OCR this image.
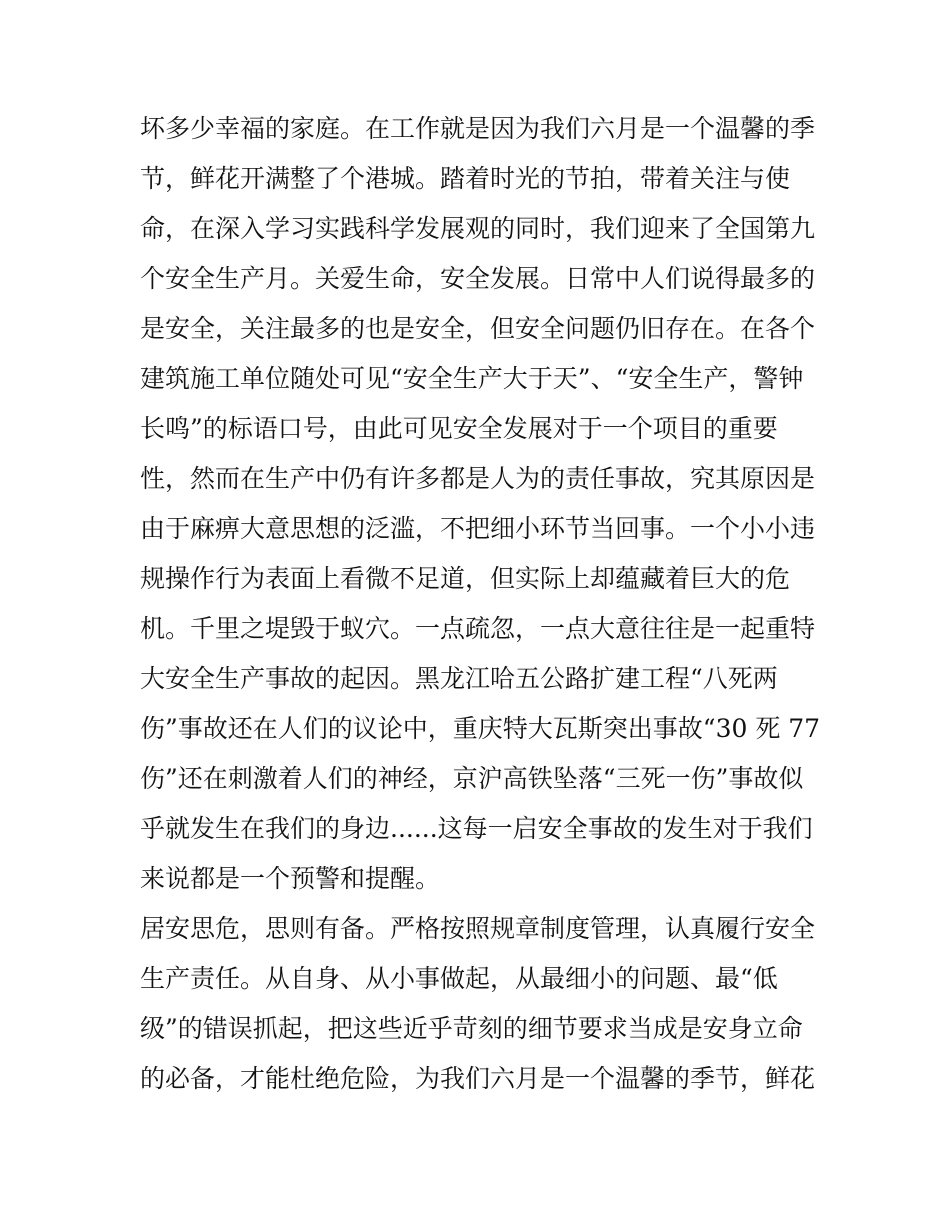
坏多少幸福的家庭。在工作就是因为我们六月是一个温馨的季
节，鲜花开满整了个港城。踏着时光的节拍，带着关注与使
命，在深入学习实践科学发展观的同时，我们迎来了全国第九
个安全生产月。关爱生命，安全发展。日常中人们说得最多的
是安全，关注最多的也是安全，但安全问题仍旧存在。在各个
建筑施工单位随处可见“安全生产大于天”、“安全生产，警钟
长鸣”的标语口号，由此可见安全发展对于一个项目的重要
性，然而在生产中仍有许多都是人为的责任事故，究其原因是
由于麻痹大意思想的泛滥，不把细小环节当回事。一个小小违
规操作行为表面上看微不足道，但实际上却蕴藏着巨大的危
机。千里之堤毁于蚁穴。一点疏忽，一点大意往往是一起重特
大安全生产事故的起因。黑龙江哈五公路扩建工程“八死两
伤”事故还在人们的议论中，重庆特大瓦斯突出事故“30 死 77
伤”还在刺激着人们的神经，京沪高铁坠落“三死一伤”事故似
乎就发生在我们的身边......这每一启安全事故的发生对于我们
来说都是一个预警和提醒。
居安思危，思则有备。严格按照规章制度管理，认真履行安全
生产责任。从自身、从小事做起，从最细小的问题、最“低
级”的错误抓起，把这些近乎苛刻的细节要求当成是安身立命
的必备，才能杜绝危险，为我们六月是一个温馨的季节，鲜花
